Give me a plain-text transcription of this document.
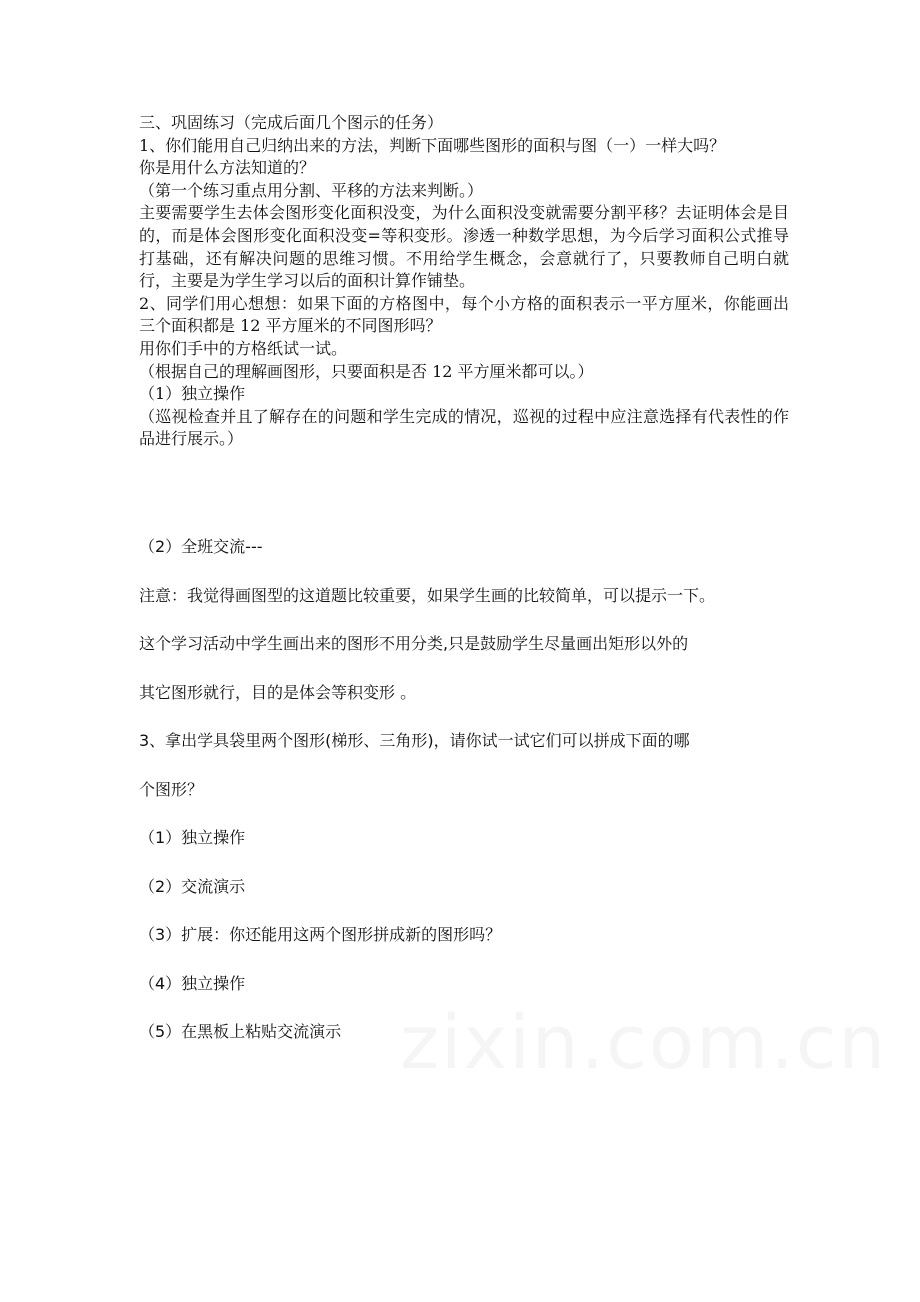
三、巩固练习（完成后面几个图示的任务）

1、你们能用自己归纳出来的方法，判断下面哪些图形的面积与图（一）一样大吗？

你是用什么方法知道的？

（第一个练习重点用分割、平移的方法来判断。）

主要需要学生去体会图形变化面积没变，为什么面积没变就需要分割平移？去证明体会是目的，而是体会图形变化面积没变=等积变形。渗透一种数学思想，为今后学习面积公式推导打基础，还有解决问题的思维习惯。不用给学生概念，会意就行了，只要教师自己明白就行，主要是为学生学习以后的面积计算作铺垫。

2、同学们用心想想：如果下面的方格图中，每个小方格的面积表示一平方厘米，你能画出三个面积都是 12 平方厘米的不同图形吗？

用你们手中的方格纸试一试。

（根据自己的理解画图形，只要面积是否 12 平方厘米都可以。）

（1）独立操作

（巡视检查并且了解存在的问题和学生完成的情况，巡视的过程中应注意选择有代表性的作品进行展示。）

（2）全班交流---

注意：我觉得画图型的这道题比较重要，如果学生画的比较简单，可以提示一下。

这个学习活动中学生画出来的图形不用分类,只是鼓励学生尽量画出矩形以外的

其它图形就行，目的是体会等积变形 。

3、拿出学具袋里两个图形(梯形、三角形)，请你试一试它们可以拼成下面的哪

个图形？

（1）独立操作

（2）交流演示

（3）扩展：你还能用这两个图形拼成新的图形吗？

（4）独立操作

（5）在黑板上粘贴交流演示
